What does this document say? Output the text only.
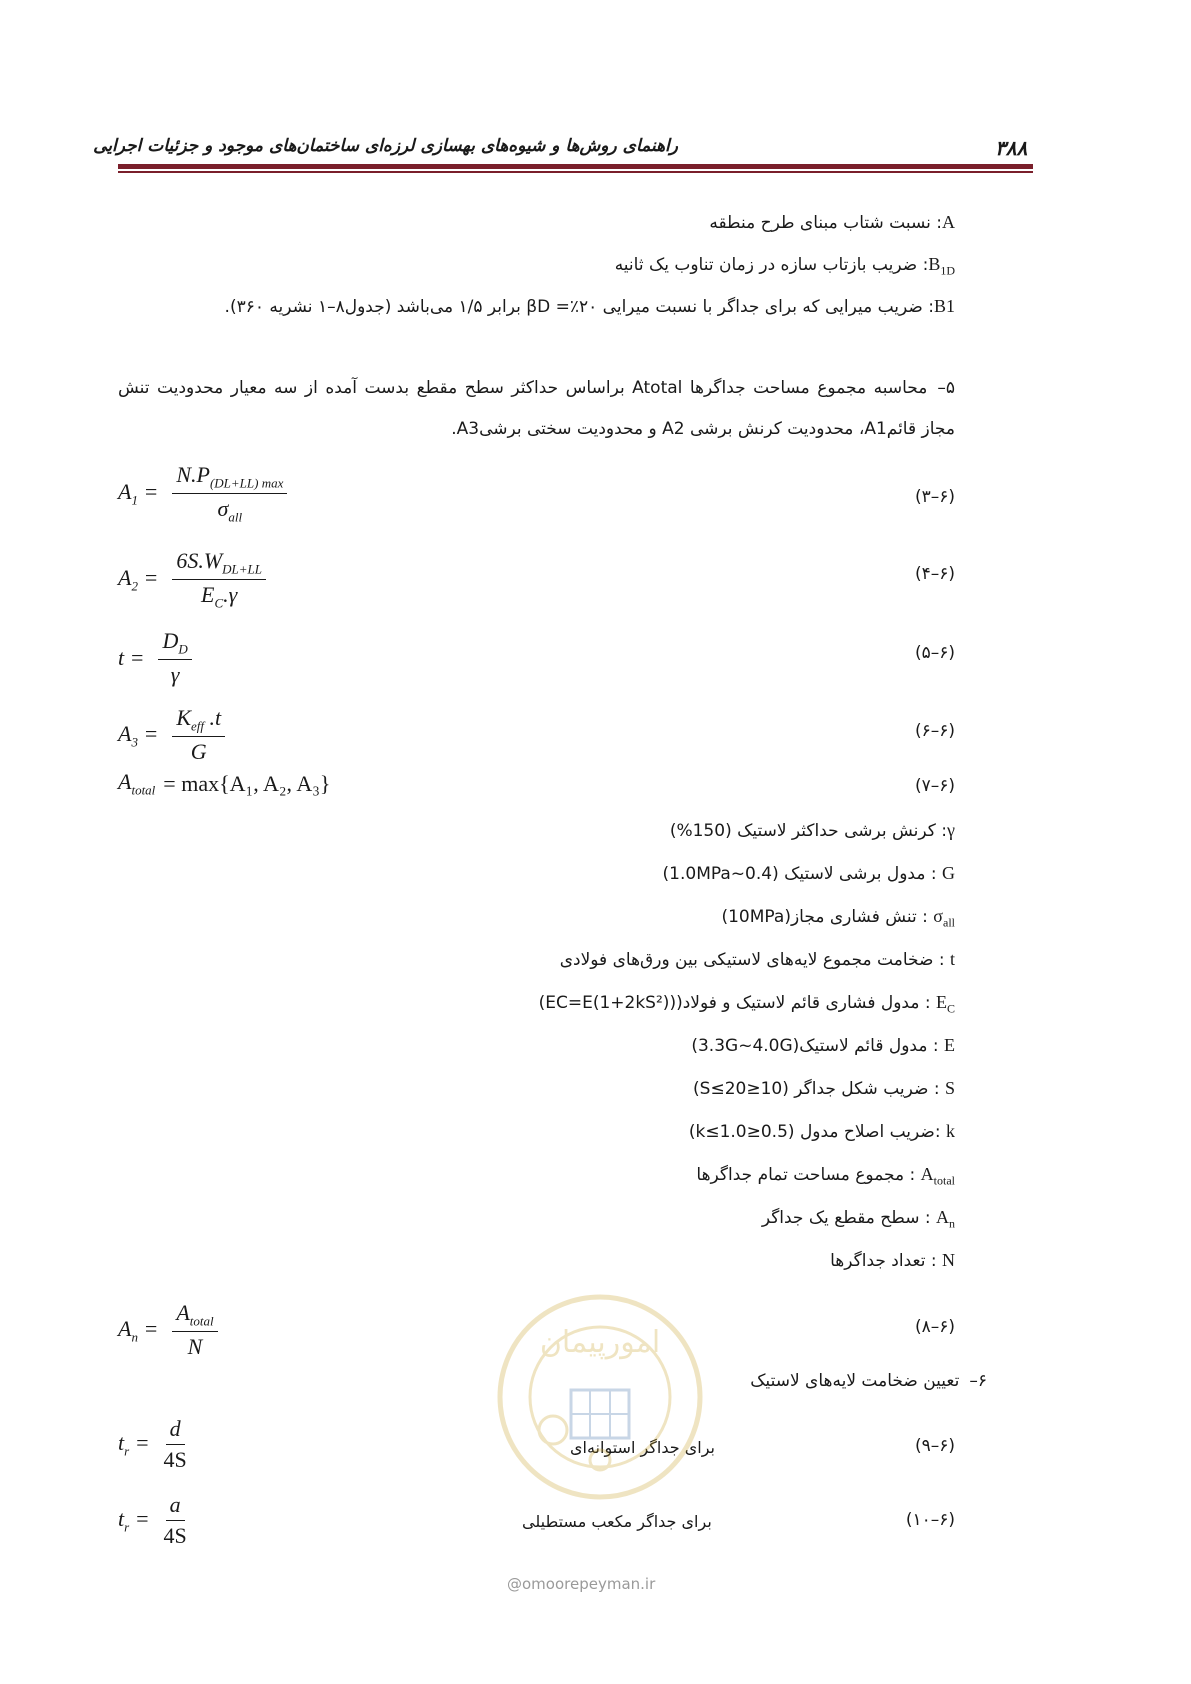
۳۸۸
راهنمای روش‌ها و شیوه‌های بهسازی لرزه‌ای ساختمان‌های موجود و جزئیات اجرایی
A: نسبت شتاب مبنای طرح منطقه
$B_{1D}$: ضریب بازتاب سازه در زمان تناوب یک ثانیه
B1: ضریب میرایی که برای جداگر با نسبت میرایی ۲۰٪= βD برابر ۱/۵ می‌باشد (جدول۸–۱ نشریه ۳۶۰).
۵–محاسبه مجموع مساحت جداگرها Atotal براساس حداکثر سطح مقطع بدست آمده از سه معیار محدودیت تنش مجاز قائمA1، محدودیت کرنش برشی A2 و محدودیت سختی برشیA3.
$A_1 = \frac{N.P_{(DL+LL) max}}{\sigma_{all}}$	(۶–۳)
$A_2 = \frac{6S.W_{DL+LL}}{E_C.\gamma}$	(۶–۴)
$t = \frac{D_D}{\gamma}$	(۶–۵)
$A_3 = \frac{K_{eff} .t}{G}$	(۶–۶)
$A_{total} = \max\{A_1$, A₂, A₃}	(۶–۷)
γ: کرنش برشی حداکثر لاستیک (150%)
G : مدول برشی لاستیک (0.4~1.0MPa)
$\sigma_{all}$ : تنش فشاری مجاز(10MPa)
t : ضخامت مجموع لایه‌های لاستیکی بین ورق‌های فولادی
$E_C$ : مدول فشاری قائم لاستیک و فولاد((EC=E(1+2kS²))
E : مدول قائم لاستیک(3.3G~4.0G)
S : ضریب شکل جداگر (10≤S≤20)
k :ضریب اصلاح مدول (0.5≤k≤1.0)
$A_{total}$ : مجموع مساحت تمام جداگرها
$A_n$ : سطح مقطع یک جداگر
N : تعداد جداگرها
$A_n = \frac{A_{total}}{N}$	(۶–۸)
۶–تعیین ضخامت لایه‌های لاستیک
$t_r = \frac{d}{4S}$	برای جداگر استوانه‌ای	(۶–۹)
$t_r = \frac{a}{4S}$	برای جداگر مکعب مستطیلی	(۶–۱۰)
امورپیمان
@omoorepeyman.ir
